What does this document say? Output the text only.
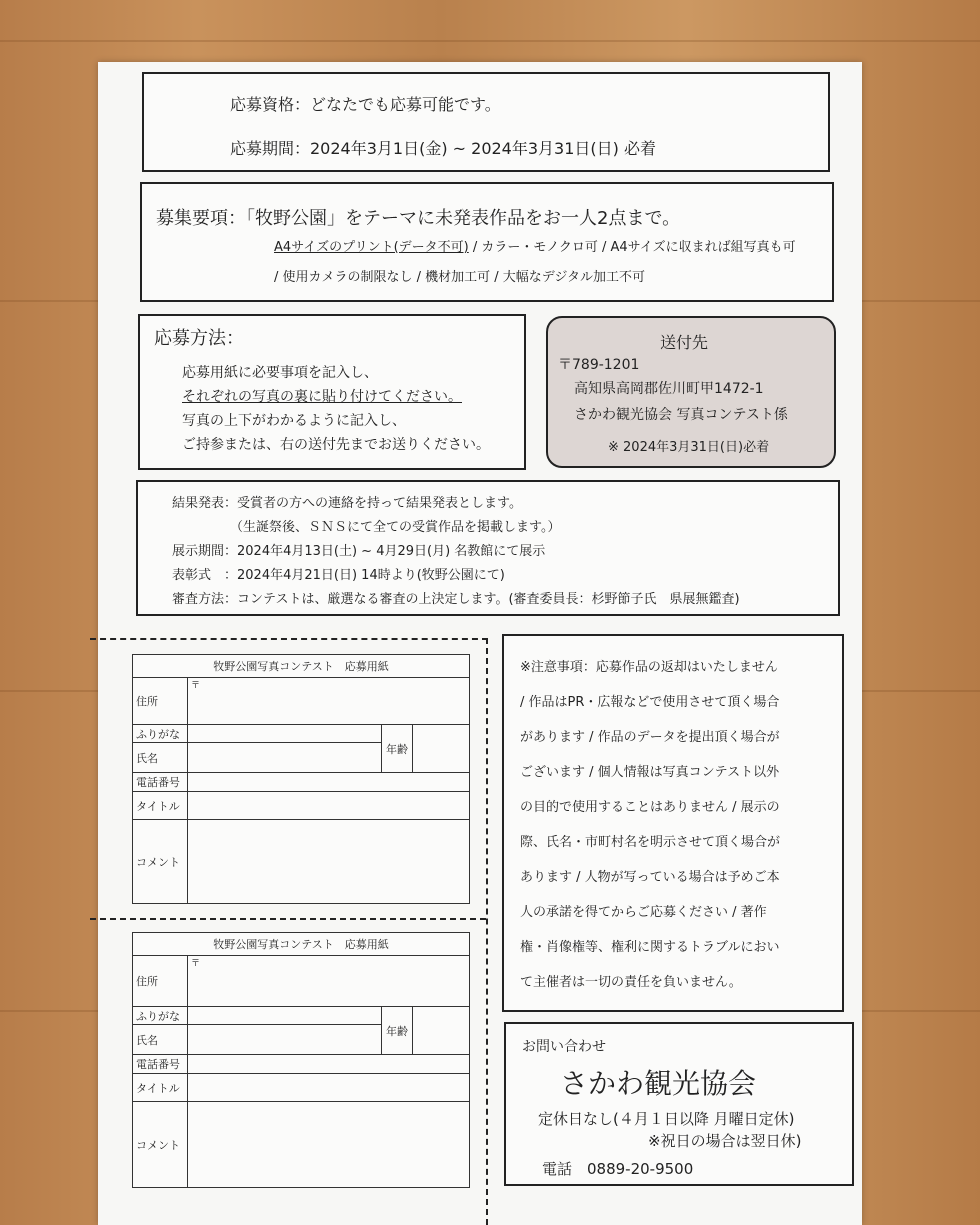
応募資格：どなたでも応募可能です。
応募期間：2024年3月1日(金) ~ 2024年3月31日(日) 必着
募集要項：「牧野公園」をテーマに未発表作品をお一人2点まで。
A4サイズのプリント(データ不可) / カラー・モノクロ可 / A4サイズに収まれば組写真も可
/ 使用カメラの制限なし / 機材加工可 / 大幅なデジタル加工不可
応募方法：
応募用紙に必要事項を記入し、
それぞれの写真の裏に貼り付けてください。
写真の上下がわかるように記入し、
ご持参または、右の送付先までお送りください。
送付先
〒789-1201
高知県高岡郡佐川町甲1472-1
さかわ観光協会 写真コンテスト係
※ 2024年3月31日(日)必着
結果発表：受賞者の方への連絡を持って結果発表とします。
（生誕祭後、ＳＮＳにて全ての受賞作品を掲載します。）
展示期間：2024年4月13日(土) ~ 4月29日(月) 名教館にて展示
表彰式　：2024年4月21日(日) 14時より(牧野公園にて)
審査方法：コンテストは、厳選なる審査の上決定します。(審査委員長：杉野節子氏　県展無鑑査)
牧野公園写真コンテスト　応募用紙			
住所	〒
ふりがな		年齢	
氏名			
電話番号			
タイトル			
コメント			
牧野公園写真コンテスト　応募用紙			
住所	〒
ふりがな		年齢	
氏名			
電話番号			
タイトル			
コメント			
※注意事項：応募作品の返却はいたしません
/ 作品はPR・広報などで使用させて頂く場合
があります / 作品のデータを提出頂く場合が
ございます / 個人情報は写真コンテスト以外
の目的で使用することはありません / 展示の
際、氏名・市町村名を明示させて頂く場合が
あります / 人物が写っている場合は予めご本
人の承諾を得てからご応募ください / 著作
権・肖像権等、権利に関するトラブルにおい
て主催者は一切の責任を負いません。
お問い合わせ
さかわ観光協会
定休日なし(４月１日以降 月曜日定休)
※祝日の場合は翌日休)
電話　0889-20-9500
